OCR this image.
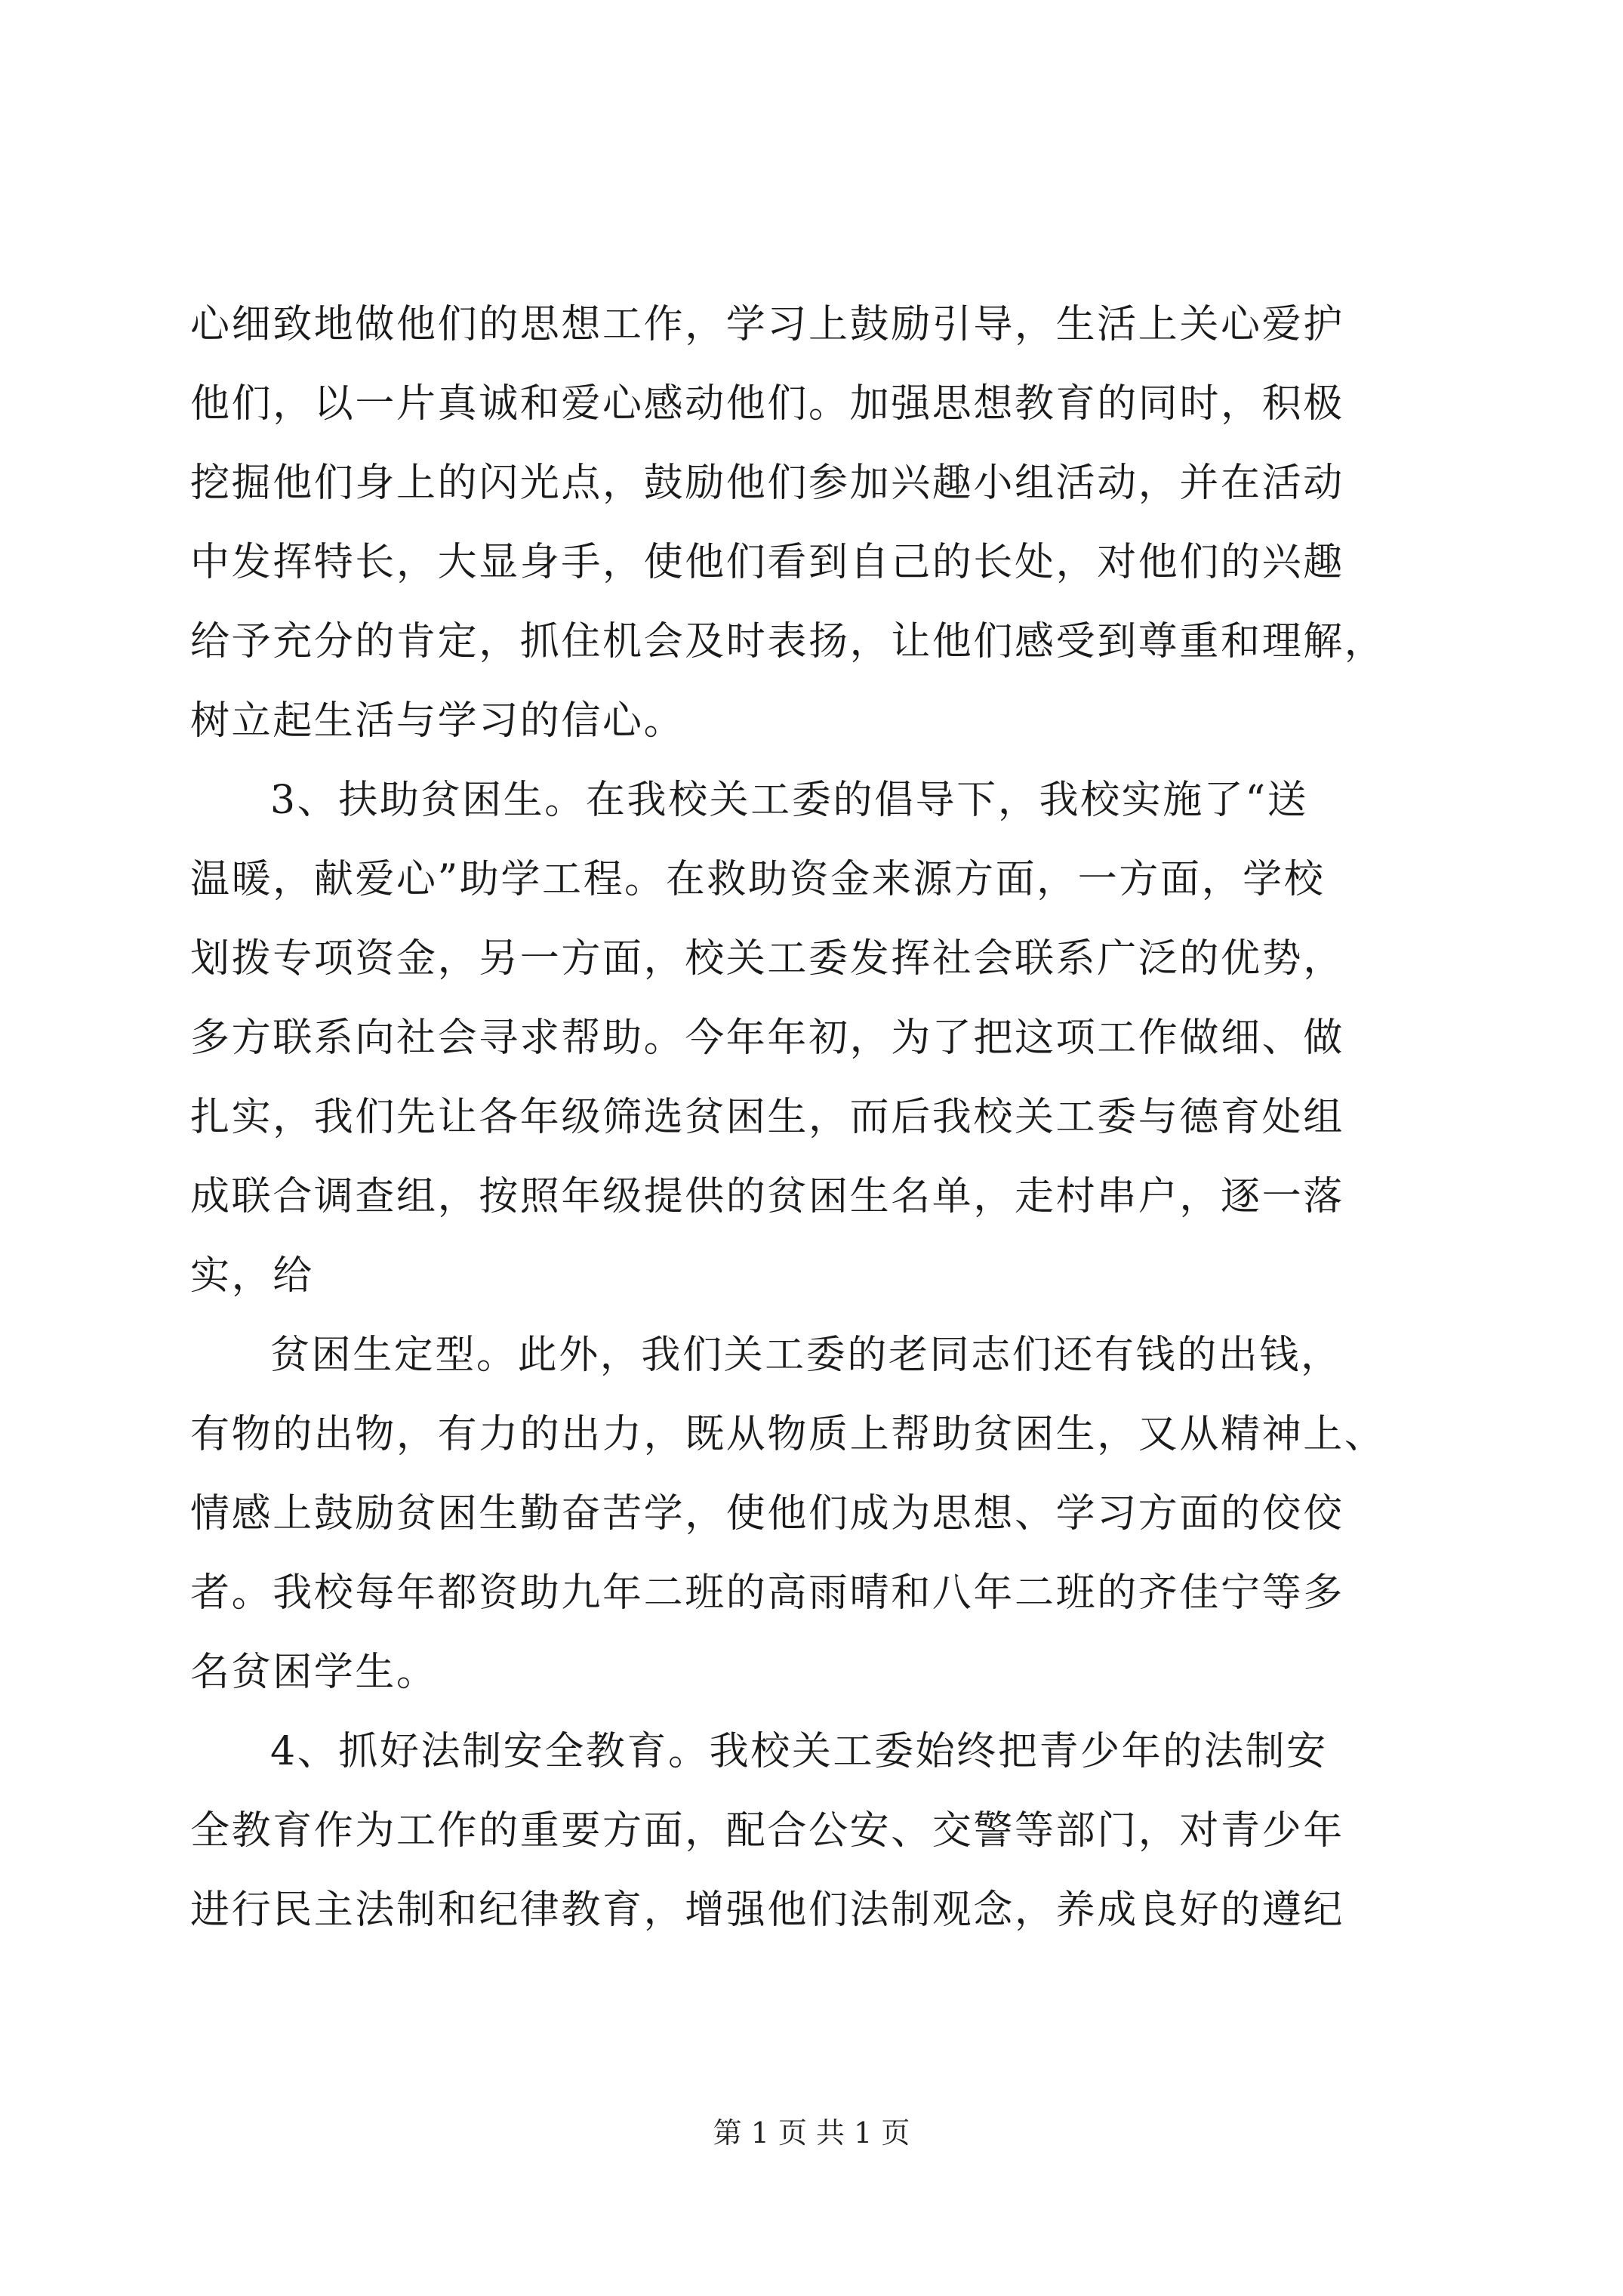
心细致地做他们的思想工作，学习上鼓励引导，生活上关心爱护
他们，以一片真诚和爱心感动他们。加强思想教育的同时，积极
挖掘他们身上的闪光点，鼓励他们参加兴趣小组活动，并在活动
中发挥特长，大显身手，使他们看到自己的长处，对他们的兴趣
给予充分的肯定，抓住机会及时表扬，让他们感受到尊重和理解，
树立起生活与学习的信心。
3、扶助贫困生。在我校关工委的倡导下，我校实施了“送
温暖，献爱心”助学工程。在救助资金来源方面，一方面，学校
划拨专项资金，另一方面，校关工委发挥社会联系广泛的优势，
多方联系向社会寻求帮助。今年年初，为了把这项工作做细、做
扎实，我们先让各年级筛选贫困生，而后我校关工委与德育处组
成联合调查组，按照年级提供的贫困生名单，走村串户，逐一落
实，给
贫困生定型。此外，我们关工委的老同志们还有钱的出钱，
有物的出物，有力的出力，既从物质上帮助贫困生，又从精神上、
情感上鼓励贫困生勤奋苦学，使他们成为思想、学习方面的佼佼
者。我校每年都资助九年二班的高雨晴和八年二班的齐佳宁等多
名贫困学生。
4、抓好法制安全教育。我校关工委始终把青少年的法制安
全教育作为工作的重要方面，配合公安、交警等部门，对青少年
进行民主法制和纪律教育，增强他们法制观念，养成良好的遵纪
第 1 页 共 1 页
